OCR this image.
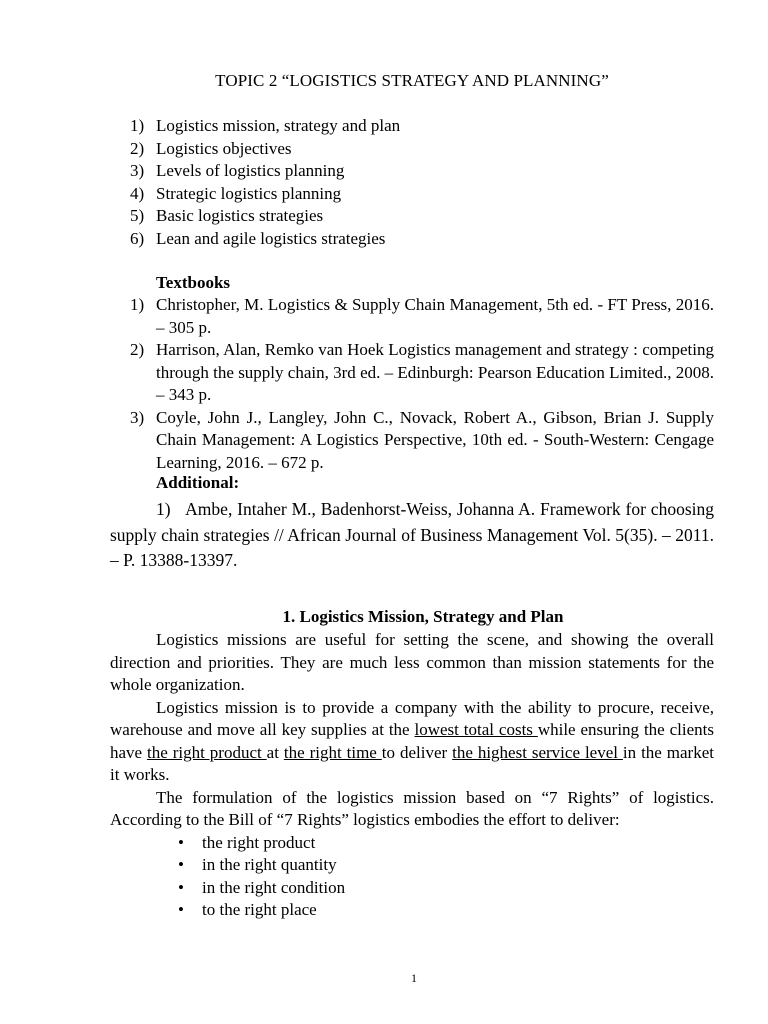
TOPIC 2 “LOGISTICS STRATEGY AND PLANNING”
1) Logistics mission, strategy and plan
2) Logistics objectives
3) Levels of logistics planning
4) Strategic logistics planning
5) Basic logistics strategies
6) Lean and agile logistics strategies
Textbooks
1) Christopher, M. Logistics & Supply Chain Management, 5th ed. - FT Press, 2016. – 305 p.
2) Harrison, Alan, Remko van Hoek Logistics management and strategy : competing through the supply chain, 3rd ed. – Edinburgh: Pearson Education Limited., 2008. – 343 p.
3) Coyle, John J., Langley, John C., Novack, Robert A., Gibson, Brian J. Supply Chain Management: A Logistics Perspective, 10th ed. - South-Western: Cengage Learning, 2016. – 672 p.
Additional:
1) Ambe, Intaher M., Badenhorst-Weiss, Johanna A. Framework for choosing supply chain strategies // African Journal of Business Management Vol. 5(35). – 2011. – P. 13388-13397.
1. Logistics Mission, Strategy and Plan

Logistics missions are useful for setting the scene, and showing the overall direction and priorities. They are much less common than mission statements for the whole organization.

Logistics mission is to provide a company with the ability to procure, receive, warehouse and move all key supplies at the lowest total costs while ensuring the clients have the right product at the right time to deliver the highest service level in the market it works.

The formulation of the logistics mission based on “7 Rights” of logistics. According to the Bill of “7 Rights” logistics embodies the effort to deliver:

•	the right product
•	in the right quantity
•	in the right condition
•	to the right place
1
